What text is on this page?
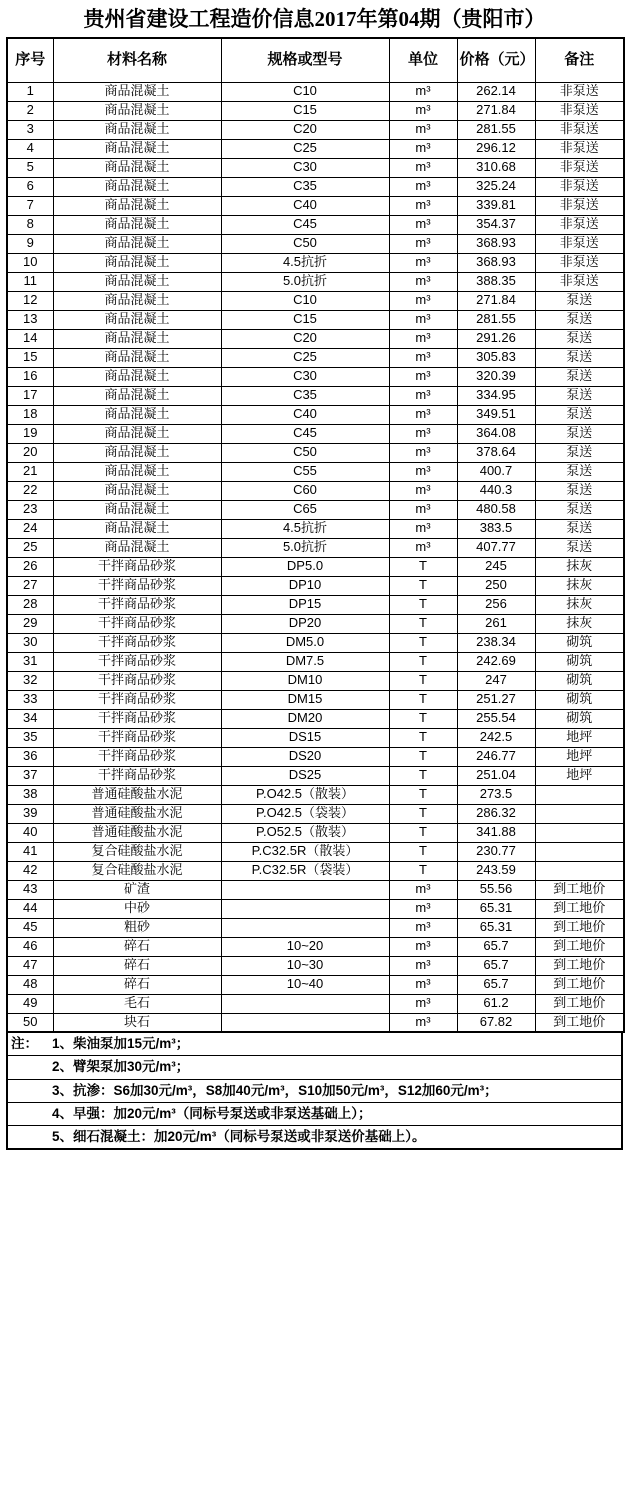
贵州省建设工程造价信息2017年第04期（贵阳市）
序号	材料名称	规格或型号	单位	价格（元）	备注
1	商品混凝土	C10	m³	262.14	非泵送
2	商品混凝土	C15	m³	271.84	非泵送
3	商品混凝土	C20	m³	281.55	非泵送
4	商品混凝土	C25	m³	296.12	非泵送
5	商品混凝土	C30	m³	310.68	非泵送
6	商品混凝土	C35	m³	325.24	非泵送
7	商品混凝土	C40	m³	339.81	非泵送
8	商品混凝土	C45	m³	354.37	非泵送
9	商品混凝土	C50	m³	368.93	非泵送
10	商品混凝土	4.5抗折	m³	368.93	非泵送
11	商品混凝土	5.0抗折	m³	388.35	非泵送
12	商品混凝土	C10	m³	271.84	泵送
13	商品混凝土	C15	m³	281.55	泵送
14	商品混凝土	C20	m³	291.26	泵送
15	商品混凝土	C25	m³	305.83	泵送
16	商品混凝土	C30	m³	320.39	泵送
17	商品混凝土	C35	m³	334.95	泵送
18	商品混凝土	C40	m³	349.51	泵送
19	商品混凝土	C45	m³	364.08	泵送
20	商品混凝土	C50	m³	378.64	泵送
21	商品混凝土	C55	m³	400.7	泵送
22	商品混凝土	C60	m³	440.3	泵送
23	商品混凝土	C65	m³	480.58	泵送
24	商品混凝土	4.5抗折	m³	383.5	泵送
25	商品混凝土	5.0抗折	m³	407.77	泵送
26	干拌商品砂浆	DP5.0	T	245	抹灰
27	干拌商品砂浆	DP10	T	250	抹灰
28	干拌商品砂浆	DP15	T	256	抹灰
29	干拌商品砂浆	DP20	T	261	抹灰
30	干拌商品砂浆	DM5.0	T	238.34	砌筑
31	干拌商品砂浆	DM7.5	T	242.69	砌筑
32	干拌商品砂浆	DM10	T	247	砌筑
33	干拌商品砂浆	DM15	T	251.27	砌筑
34	干拌商品砂浆	DM20	T	255.54	砌筑
35	干拌商品砂浆	DS15	T	242.5	地坪
36	干拌商品砂浆	DS20	T	246.77	地坪
37	干拌商品砂浆	DS25	T	251.04	地坪
38	普通硅酸盐水泥	P.O42.5（散装）	T	273.5	
39	普通硅酸盐水泥	P.O42.5（袋装）	T	286.32	
40	普通硅酸盐水泥	P.O52.5（散装）	T	341.88	
41	复合硅酸盐水泥	P.C32.5R（散装）	T	230.77	
42	复合硅酸盐水泥	P.C32.5R（袋装）	T	243.59	
43	矿渣		m³	55.56	到工地价
44	中砂		m³	65.31	到工地价
45	粗砂		m³	65.31	到工地价
46	碎石	10~20	m³	65.7	到工地价
47	碎石	10~30	m³	65.7	到工地价
48	碎石	10~40	m³	65.7	到工地价
49	毛石		m³	61.2	到工地价
50	块石		m³	67.82	到工地价
注：	1、柴油泵加15元/m³；
2、臂架泵加30元/m³；
3、抗渗：S6加30元/m³，S8加40元/m³，S10加50元/m³，S12加60元/m³；
4、早强：加20元/m³（同标号泵送或非泵送基础上）；
5、细石混凝土：加20元/m³（同标号泵送或非泵送价基础上）。
